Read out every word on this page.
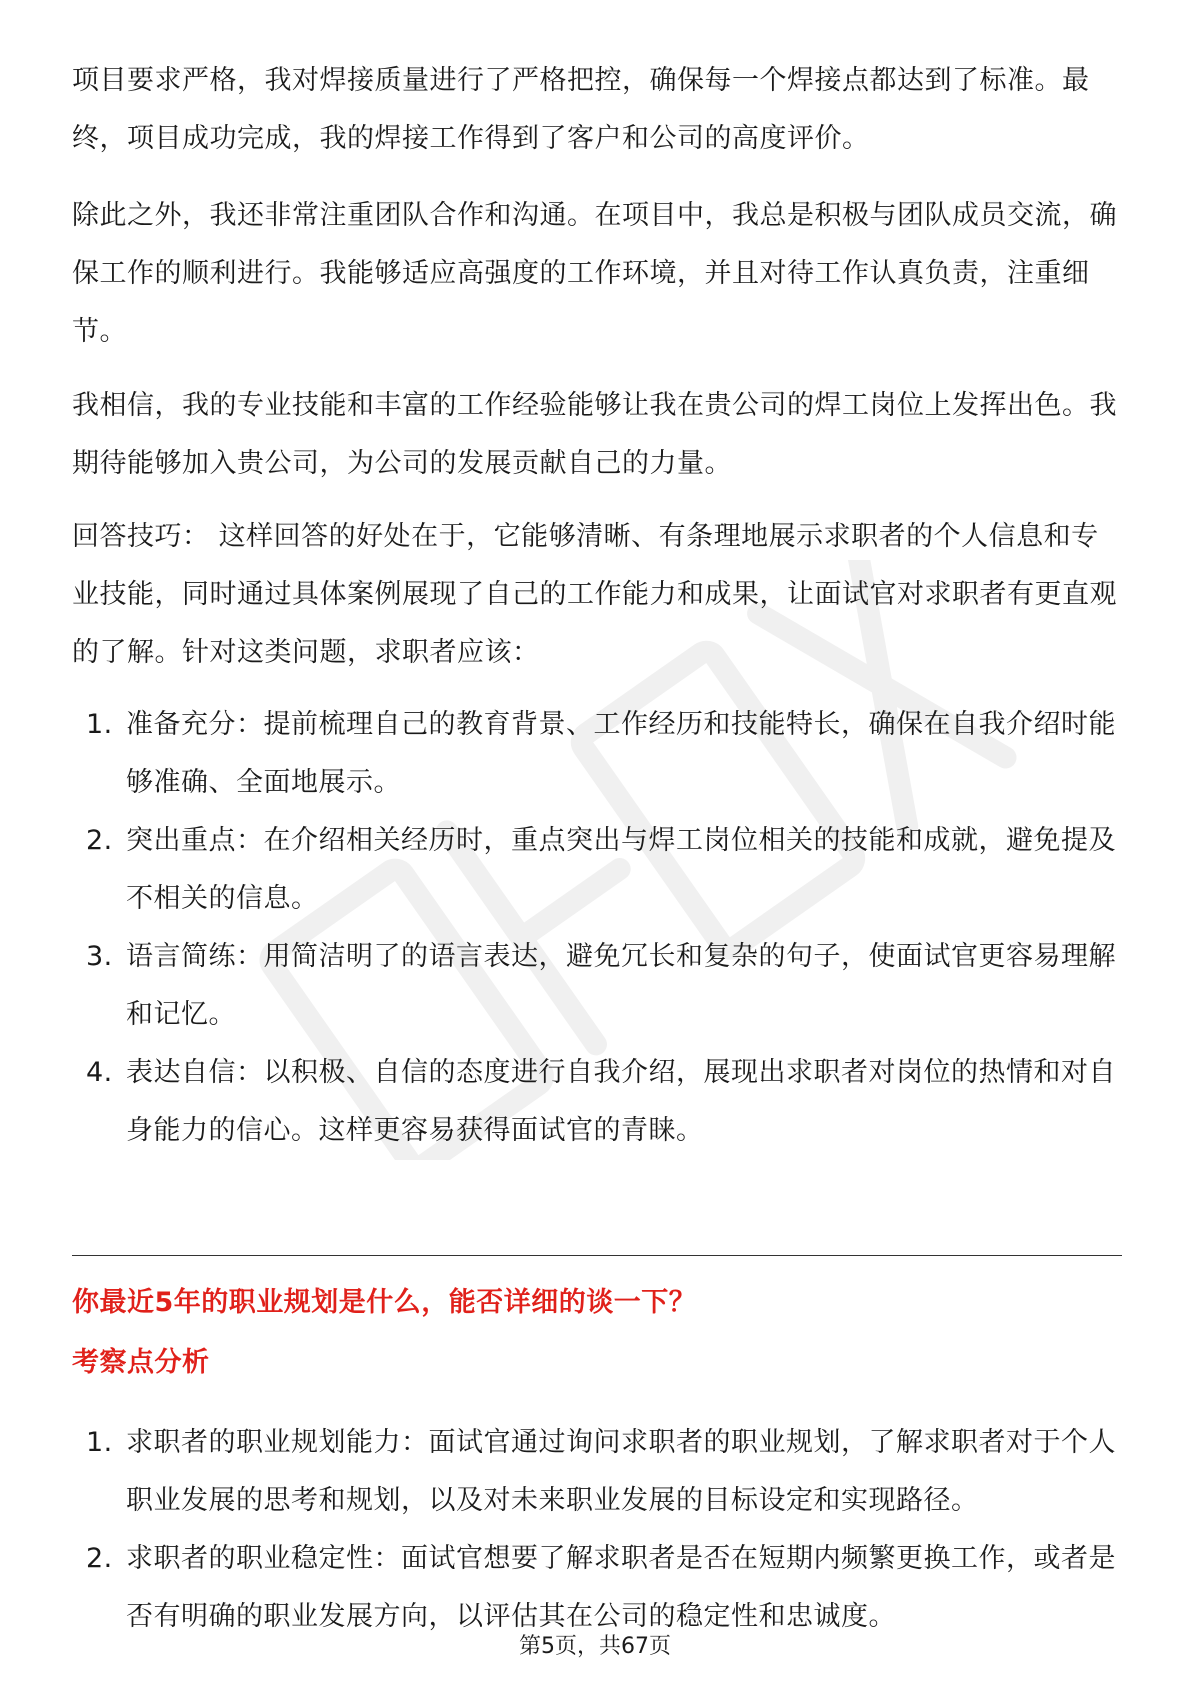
项目要求严格，我对焊接质量进行了严格把控，确保每一个焊接点都达到了标准。最终，项目成功完成，我的焊接工作得到了客户和公司的高度评价。

除此之外，我还非常注重团队合作和沟通。在项目中，我总是积极与团队成员交流，确保工作的顺利进行。我能够适应高强度的工作环境，并且对待工作认真负责，注重细节。

我相信，我的专业技能和丰富的工作经验能够让我在贵公司的焊工岗位上发挥出色。我期待能够加入贵公司，为公司的发展贡献自己的力量。

回答技巧： 这样回答的好处在于，它能够清晰、有条理地展示求职者的个人信息和专业技能，同时通过具体案例展现了自己的工作能力和成果，让面试官对求职者有更直观的了解。针对这类问题，求职者应该：

1. 准备充分：提前梳理自己的教育背景、工作经历和技能特长，确保在自我介绍时能够准确、全面地展示。
2. 突出重点：在介绍相关经历时，重点突出与焊工岗位相关的技能和成就，避免提及不相关的信息。
3. 语言简练：用简洁明了的语言表达，避免冗长和复杂的句子，使面试官更容易理解和记忆。
4. 表达自信：以积极、自信的态度进行自我介绍，展现出求职者对岗位的热情和对自身能力的信心。这样更容易获得面试官的青睐。
你最近5年的职业规划是什么，能否详细的谈一下？
考察点分析
1. 求职者的职业规划能力：面试官通过询问求职者的职业规划，了解求职者对于个人职业发展的思考和规划，以及对未来职业发展的目标设定和实现路径。
2. 求职者的职业稳定性：面试官想要了解求职者是否在短期内频繁更换工作，或者是否有明确的职业发展方向，以评估其在公司的稳定性和忠诚度。
第5页，共67页
